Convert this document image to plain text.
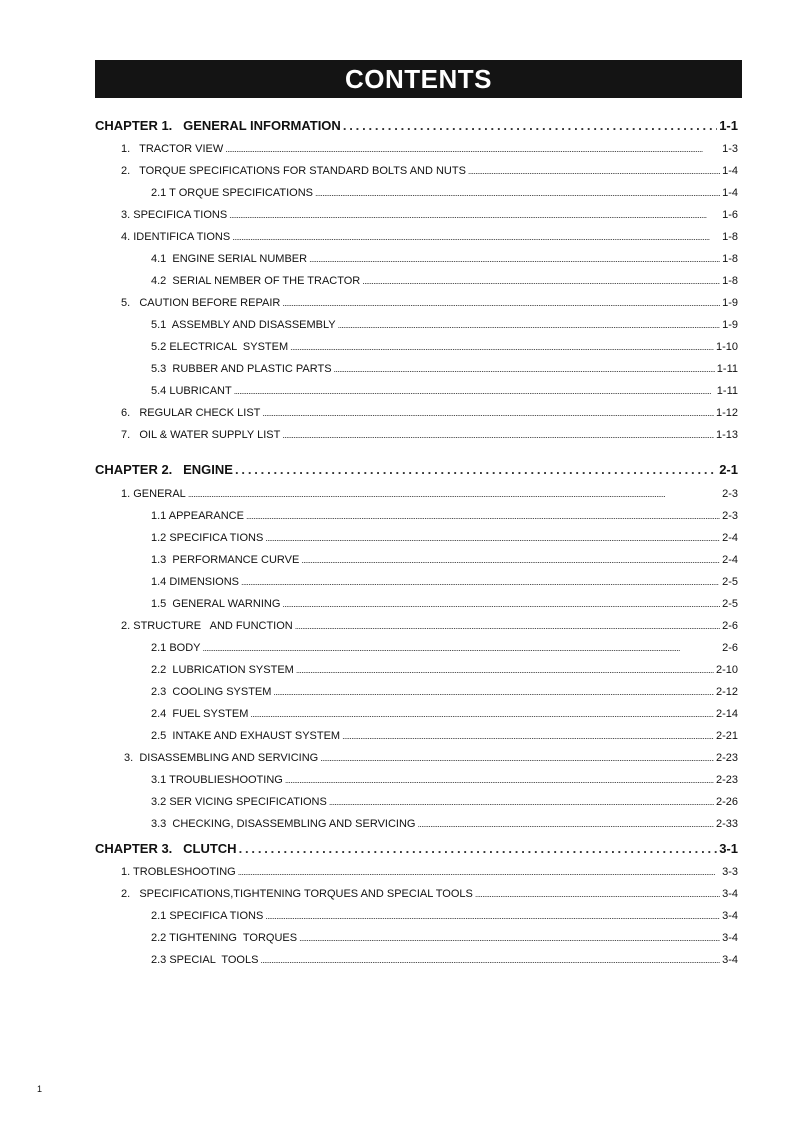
CONTENTS
CHAPTER 1.   GENERAL INFORMATION . . .	1-1
1.   TRACTOR VIEW . . .	1-3
2.   TORQUE SPECIFICATIONS FOR STANDARD BOLTS AND NUTS . . .	1-4
2.1 T ORQUE SPECIFICATIONS . . .	1-4
3. SPECIFICA TIONS . . .	1-6
4. IDENTIFICA TIONS . . .	1-8
4.1  ENGINE SERIAL NUMBER . . .	1-8
4.2  SERIAL NEMBER OF THE TRACTOR . . .	1-8
5.   CAUTION BEFORE REPAIR . . .	1-9
5.1  ASSEMBLY AND DISASSEMBLY . . .	1-9
5.2 ELECTRICAL  SYSTEM . . .	1-10
5.3  RUBBER AND PLASTIC PARTS . . .	1-11
5.4 LUBRICANT . . .	1-11
6.   REGULAR CHECK LIST . . .	1-12
7.   OIL & WATER SUPPLY LIST . . .	1-13
CHAPTER 2.   ENGINE . . .	2-1
1. GENERAL . . .	2-3
1.1 APPEARANCE . . .	2-3
1.2 SPECIFICA TIONS . . .	2-4
1.3  PERFORMANCE CURVE . . .	2-4
1.4 DIMENSIONS . . .	2-5
1.5  GENERAL WARNING . . .	2-5
2. STRUCTURE   AND FUNCTION . . .	2-6
2.1 BODY . . .	2-6
2.2  LUBRICATION SYSTEM . . .	2-10
2.3  COOLING SYSTEM . . .	2-12
2.4  FUEL SYSTEM . . .	2-14
2.5  INTAKE AND EXHAUST SYSTEM . . .	2-21
3.  DISASSEMBLING AND SERVICING . . .	2-23
3.1 TROUBLIESHOOTING . . .	2-23
3.2 SER VICING SPECIFICATIONS . . .	2-26
3.3  CHECKING, DISASSEMBLING AND SERVICING . . .	2-33
CHAPTER 3.   CLUTCH . . .	3-1
1. TROBLESHOOTING . . .	3-3
2.   SPECIFICATIONS,TIGHTENING TORQUES AND SPECIAL TOOLS . . .	3-4
2.1 SPECIFICA TIONS . . .	3-4
2.2 TIGHTENING  TORQUES . . .	3-4
2.3 SPECIAL  TOOLS . . .	3-4
1
